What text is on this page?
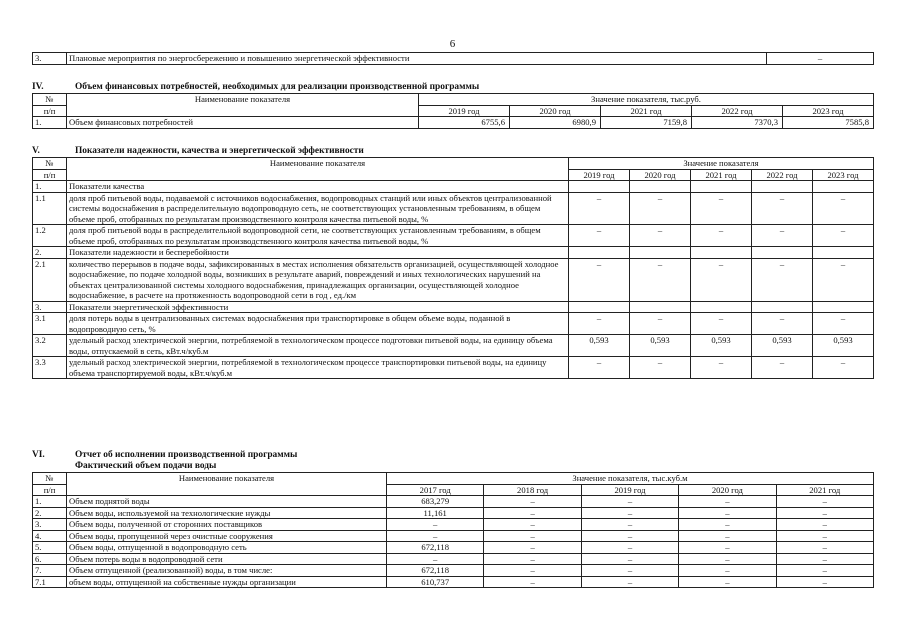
6
3.	Плановые мероприятия по энергосбережению и повышению энергетической эффективности	–
IV.	Объем финансовых потребностей, необходимых для реализации производственной программы
№	Наименование показателя	Значение показателя, тыс.руб.				
п/п		2019 год	2020 год	2021 год	2022 год	2023 год
1.	Объем финансовых потребностей	6755,6	6980,9	7159,8	7370,3	7585,8
V.	Показатели надежности, качества и энергетической эффективности
№	Наименование показателя	Значение показателя				
п/п		2019 год	2020 год	2021 год	2022 год	2023 год
1.	Показатели качества					
1.1	доля проб питьевой воды, подаваемой с источников водоснабжения, водопроводных станций или иных объектов централизованной системы водоснабжения в распределительную водопроводную сеть, не соответствующих установленным требованиям, в общем объеме проб, отобранных по результатам производственного контроля качества питьевой воды, %	–	–	–	–	–
1.2	доля проб питьевой воды в распределительной водопроводной сети, не соответствующих установленным требованиям, в общем объеме проб, отобранных по результатам производственного контроля качества питьевой воды, %	–	–	–	–	–
2.	Показатели надежности и бесперебойности					
2.1	количество перерывов в подаче воды, зафиксированных в местах исполнения обязательств организацией, осуществляющей холодное водоснабжение, по подаче холодной воды, возникших в результате аварий, повреждений и иных технологических нарушений на объектах централизованной системы холодного водоснабжения, принадлежащих организации, осуществляющей холодное водоснабжение, в расчете на протяженность водопроводной сети в год , ед./км	–	–	–	–	–
3.	Показатели энергетической эффективности					
3.1	доля потерь воды в централизованных системах водоснабжения при транспортировке в общем объеме воды, поданной в водопроводную сеть, %	–	–	–	–	–
3.2	удельный расход электрической энергии, потребляемой в технологическом процессе подготовки питьевой воды, на единицу объема воды, отпускаемой в сеть, кВт.ч/куб.м	0,593	0,593	0,593	0,593	0,593
3.3	удельный расход электрической энергии, потребляемой в технологическом процессе транспортировки питьевой воды, на единицу объема транспортируемой воды, кВт.ч/куб.м	–	–	–	–	–
VI.	Отчет об исполнении производственной программы
Фактический объем подачи воды
№	Наименование показателя	Значение показателя, тыс.куб.м				
п/п		2017 год	2018 год	2019 год	2020 год	2021 год
1.	Объем поднятой воды	683,279	–	–	–	–
2.	Объем воды, используемой на технологические нужды	11,161	–	–	–	–
3.	Объем воды, полученной от сторонних поставщиков	–	–	–	–	–
4.	Объем воды, пропущенной через очистные сооружения	–	–	–	–	–
5.	Объем воды, отпущенной в водопроводную сеть	672,118	–	–	–	–
6.	Объем потерь воды в водопроводной сети	–	–	–	–	–
7.	Объем отпущенной (реализованной) воды, в том числе:	672,118	–	–	–	–
7.1	объем воды, отпущенной на собственные нужды организации	610,737	–	–	–	–
